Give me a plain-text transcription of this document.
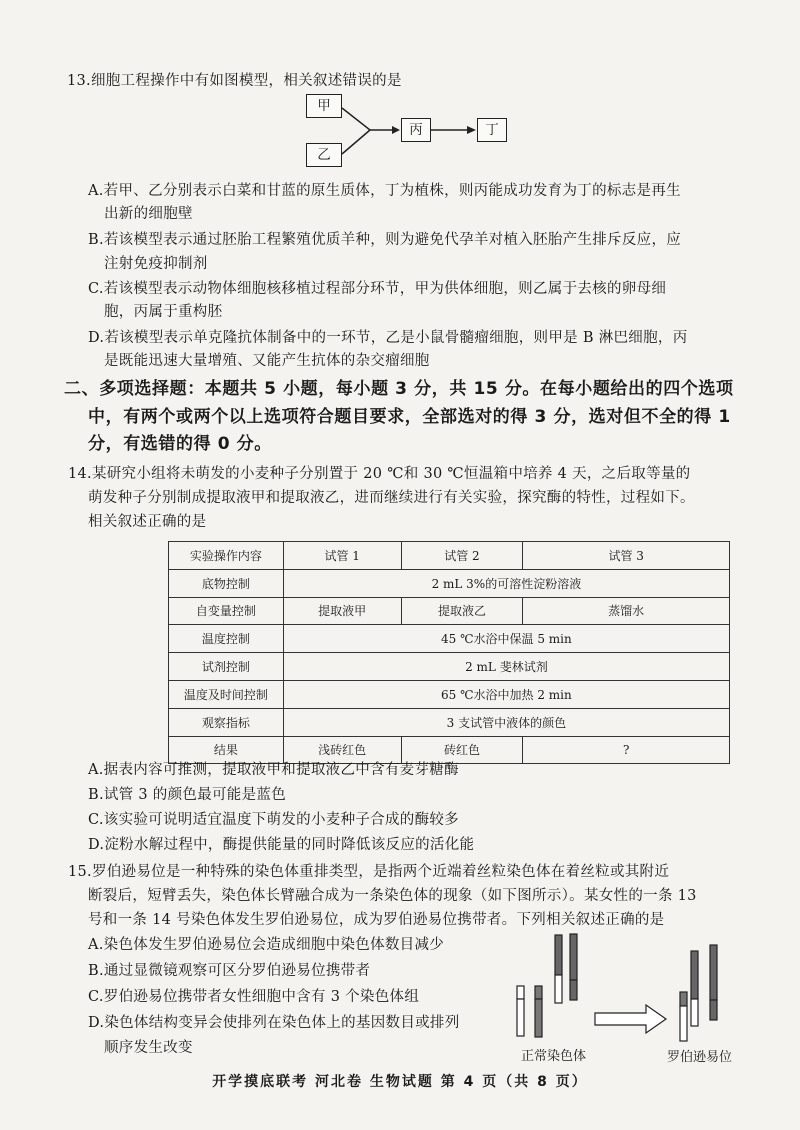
13.细胞工程操作中有如图模型，相关叙述错误的是
甲
乙
丙	丁
A.若甲、乙分别表示白菜和甘蓝的原生质体，丁为植株，则丙能成功发育为丁的标志是再生
出新的细胞壁
B.若该模型表示通过胚胎工程繁殖优质羊种，则为避免代孕羊对植入胚胎产生排斥反应，应
注射免疫抑制剂
C.若该模型表示动物体细胞核移植过程部分环节，甲为供体细胞，则乙属于去核的卵母细
胞，丙属于重构胚
D.若该模型表示单克隆抗体制备中的一环节，乙是小鼠骨髓瘤细胞，则甲是 B 淋巴细胞，丙
是既能迅速大量增殖、又能产生抗体的杂交瘤细胞
二、多项选择题：本题共 5 小题，每小题 3 分，共 15 分。在每小题给出的四个选项
中，有两个或两个以上选项符合题目要求，全部选对的得 3 分，选对但不全的得 1
分，有选错的得 0 分。
14.某研究小组将未萌发的小麦种子分别置于 20 ℃和 30 ℃恒温箱中培养 4 天，之后取等量的
萌发种子分别制成提取液甲和提取液乙，进而继续进行有关实验，探究酶的特性，过程如下。
相关叙述正确的是
实验操作内容	试管 1	试管 2	试管 3
底物控制	2 mL 3%的可溶性淀粉溶液		
自变量控制	提取液甲	提取液乙	蒸馏水
温度控制	45 ℃水浴中保温 5 min		
试剂控制	2 mL 斐林试剂		
温度及时间控制	65 ℃水浴中加热 2 min		
观察指标	3 支试管中液体的颜色		
结果	浅砖红色	砖红色	?
A.据表内容可推测，提取液甲和提取液乙中含有麦芽糖酶
B.试管 3 的颜色最可能是蓝色
C.该实验可说明适宜温度下萌发的小麦种子合成的酶较多
D.淀粉水解过程中，酶提供能量的同时降低该反应的活化能
15.罗伯逊易位是一种特殊的染色体重排类型，是指两个近端着丝粒染色体在着丝粒或其附近
断裂后，短臂丢失，染色体长臂融合成为一条染色体的现象（如下图所示）。某女性的一条 13
号和一条 14 号染色体发生罗伯逊易位，成为罗伯逊易位携带者。下列相关叙述正确的是
A.染色体发生罗伯逊易位会造成细胞中染色体数目减少
B.通过显微镜观察可区分罗伯逊易位携带者
C.罗伯逊易位携带者女性细胞中含有 3 个染色体组
D.染色体结构变异会使排列在染色体上的基因数目或排列
顺序发生改变
正常染色体	罗伯逊易位
开学摸底联考 河北卷 生物试题 第 4 页（共 8 页）
